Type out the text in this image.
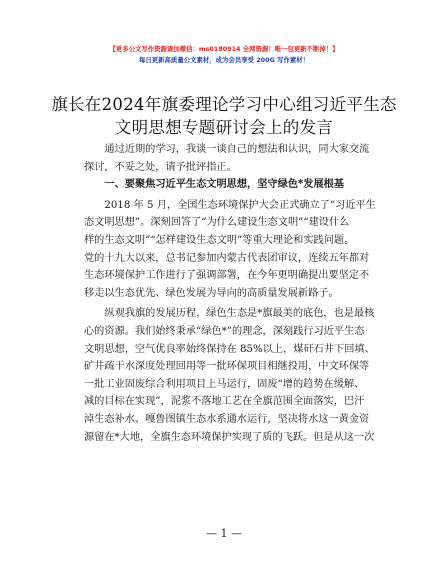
【更多公文写作资源请加微信：ms0180914 全网资源！唯一包更新不断掉！】
每日更新高质量公文素材，成为会员享受 200G 写作素材！
旗长在2024年旗委理论学习中心组习近平生态
文明思想专题研讨会上的发言

通过近期的学习，我谈一谈自己的想法和认识，同大家交流

探讨，不妥之处，请予批评指正。

一、要聚焦习近平生态文明思想，坚守绿色*发展根基

2018 年 5 月，全国生态环境保护大会正式确立了“习近平生

态文明思想”。深刻回答了“为什么建设生态文明”“建设什么

样的生态文明”“怎样建设生态文明”等重大理论和实践问题。

党的十九大以来，总书记参加内蒙古代表团审议，连续五年都对

生态环境保护工作进行了强调部署，在今年更明确提出要坚定不

移走以生态优先、绿色发展为导向的高质量发展新路子。

纵观我旗的发展历程，绿色生态是*旗最美的底色，也是最核

心的资源。我们始终秉承“绿色*”的理念，深刻践行习近平生态

文明思想，空气优良率始终保持在 85%以上，煤矸石井下回填、

矿井疏干水深度处理回用等一批环保项目相继投用，中文环保等

一批工业固废综合利用项目上马运行，固废“增的趋势在缓解、

减的目标在实现”，泥浆不落地工艺在全旗范围全面落实，巴汗

淖生态补水、嘎鲁图镇生态水系通水运行，坚决将水这一黄金资

源留在*大地，全旗生态环境保护实现了质的飞跃。但是从这一次

— 1 —
